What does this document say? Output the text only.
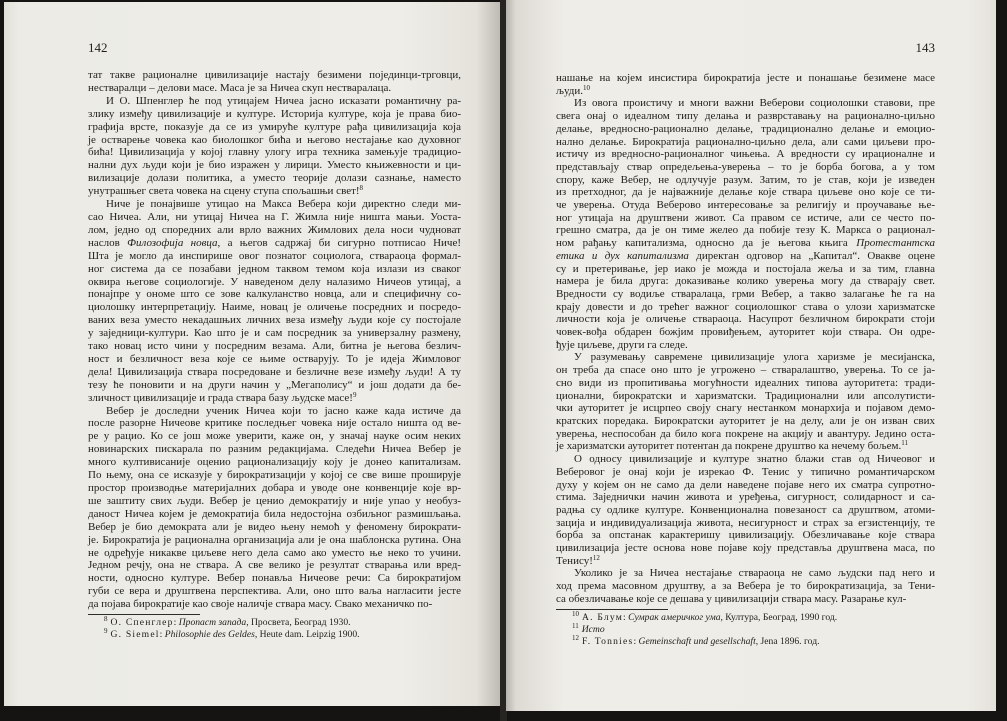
142
тат такве рационалне цивилизације настају безимени појединци-трговци,
нестваралци – делови масе. Маса је за Ничеа скуп нестваралаца.
И О. Шпенглер ће под утицајем Ничеа јасно исказати романтичну ра-
злику између цивилизације и културе. Историја културе, која је права био-
графија врсте, показује да се из умируће културе рађа цивилизација која
је остварење човека као биолошког бића и његово нестајање као духовног
бића! Цивилизација у којој главну улогу игра техника замењује традицио-
нални дух људи који је био изражен у лирици. Уместо књижевности и ци-
вилизације долази политика, а уместо теорије долази сазнање, наместо
унутрашњег света човека на сцену ступа спољашњи свет!$^8$
Ниче је понајвише утицао на Макса Вебера који директно следи ми-
сао Ничеа. Али, ни утицај Ничеа на Г. Жимла није ништа мањи. Уоста-
лом, једно од споредних али врло важних Жимлових дела носи чудноват
наслов Филозофија новца, а његов садржај би сигурно потписао Ниче!
Шта је могло да инспирише овог познатог социолога, ствараоца формал-
ног система да се позабави једном таквом темом која излази из сваког
оквира његове социологије. У наведеном делу налазимо Ничеов утицај, а
понајпре у ономе што се зове калкуланство новца, али и специфичну со-
циолошку интерпретацију. Наиме, новац је оличење посредних и посредо-
ваних веза уместо некадашњих личних веза између људи које су постојале
у заједници-култури. Као што је и сам посредник за универзалну размену,
тако новац исто чини у посредним везама. Али, битна је његова безлич-
ност и безличност веза које се њиме остварују. То је идеја Жимловог
дела! Цивилизација ствара посредоване и безличне везе између људи! А ту
тезу ће поновити и на други начин у „Мегаполису“ и још додати да бе-
зличност цивилизације и града ствара базу људске масе!$^9$
Вебер је доследни ученик Ничеа који то јасно каже када истиче да
после разорне Ничеове критике последњег човека није остало ништа од ве-
ре у рацио. Ко се још може уверити, каже он, у значај науке осим неких
новинарских пискарала по разним редакцијама. Следећи Ничеа Вебер је
много култивисаније оценио рационализацију коју је донео капитализам.
По њему, она се исказује у бирократизацији у којој се све више проширује
простор производње материјалних добара и уводе оне конвенције које вр-
ше заштиту свих људи. Вебер је ценио демократију и није упао у необуз-
даност Ничеа којем је демократија била недостојна озбиљног размишљања.
Вебер је био демократа али је видео њену немоћ у феномену бирократи-
је. Бирократија је рационална организација али је она шаблонска рутина. Она
не одређује никакве циљеве него дела само ако уместо ње неко то учини.
Једном речју, она не ствара. А све велико је резултат стварања или вред-
ности, односно културе. Вебер понавља Ничеове речи: Са бирократијом
губи се вера и друштвена перспектива. Али, оно што ваља нагласити јесте
да појава бирократије као своје наличје ствара масу. Свако механичко по-
$^8$ О. Спенглер: Пропаст запада, Просвета, Београд 1930.
$^9$ G. Siemel: Philosophie des Geldes, Heute dam. Leipzig 1900.
143
нашање на којем инсистира бирократија јесте и понашање безимене масе
људи.$^{10}$
Из овога проистичу и многи важни Веберови социолошки ставови, пре
свега онај о идеалном типу делања и разврставању на рационално-циљно
делање, вредносно-рационално делање, традиционално делање и емоцио-
нално делање. Бирократија рационално-циљно дела, али сами циљеви про-
истичу из вредносно-рационалног чињења. А вредности су ирационалне и
представљају ствар опредељења-уверења – то је борба богова, а у том
спору, каже Вебер, не одлучује разум. Затим, то је став, који је изведен
из претходног, да је најважније делање које ствара циљеве оно које се ти-
че уверења. Отуда Веберово интересовање за религију и проучавање ње-
ног утицаја на друштвени живот. Са правом се истиче, али се често по-
грешно сматра, да је он тиме желео да побије тезу К. Маркса о рационал-
ном рађању капитализма, односно да је његова књига Протестантска
етика и дух капитализма директан одговор на „Капитал“. Овакве оцене
су и претеривање, јер иако је можда и постојала жеља и за тим, главна
намера је била друга: доказивање колико уверења могу да стварају свет.
Вредности су водиље стваралаца, грми Вебер, а такво залагање ће га на
крају довести и до трећег важног социолошког става о улози харизматске
личности која је оличење ствараоца. Насупрот безличном бирократи стоји
човек-вођа обдарен божјим провиђењем, ауторитет који ствара. Он одре-
ђује циљеве, други га следе.
У разумевању савремене цивилизације улога харизме је месијанска,
он треба да спасе оно што је угрожено – стваралаштво, уверења. То се ја-
сно види из пропитивања могућности идеалних типова ауторитета: тради-
ционални, бирократски и харизматски. Традиционални или апсолутисти-
чки ауторитет је исцрпео своју снагу нестанком монархија и појавом демо-
кратских поредака. Бирократски ауторитет је на делу, али је он изван свих
уверења, неспособан да било кога покрене на акцију и авантуру. Једино оста-
је харизматски ауторитет потентан да покрене друштво ка нечему бољем.$^{11}$
О односу цивилизације и културе знатно блажи став од Ничеовог и
Веберовог је онај који је изрекао Ф. Тенис у типично романтичарском
духу у којем он не само да дели наведене појаве него их сматра супротно-
стима. Заједнички начин живота и уређења, сигурност, солидарност и са-
радња су одлике културе. Конвенционална повезаност са друштвом, атоми-
зација и индивидуализација живота, несигурност и страх за егзистенцију, те
борба за опстанак карактеришу цивилизацију. Обезличавање које ствара
цивилизација јесте основа нове појаве коју представља друштвена маса, по
Тенису!$^{12}$
Уколико је за Ничеа нестајање ствараоца не само људски пад него и
ход према масовном друштву, а за Вебера је то бирократизација, за Тени-
са обезличавање које се дешава у цивилизацији ствара масу. Разарање кул-
$^{10}$ А. Блум: Сумрак америчког ума, Култура, Београд, 1990 год.
$^{11}$ Исто
$^{12}$ F. Tonnies: Gemeinschaft und gesellschaft, Jena 1896. год.
